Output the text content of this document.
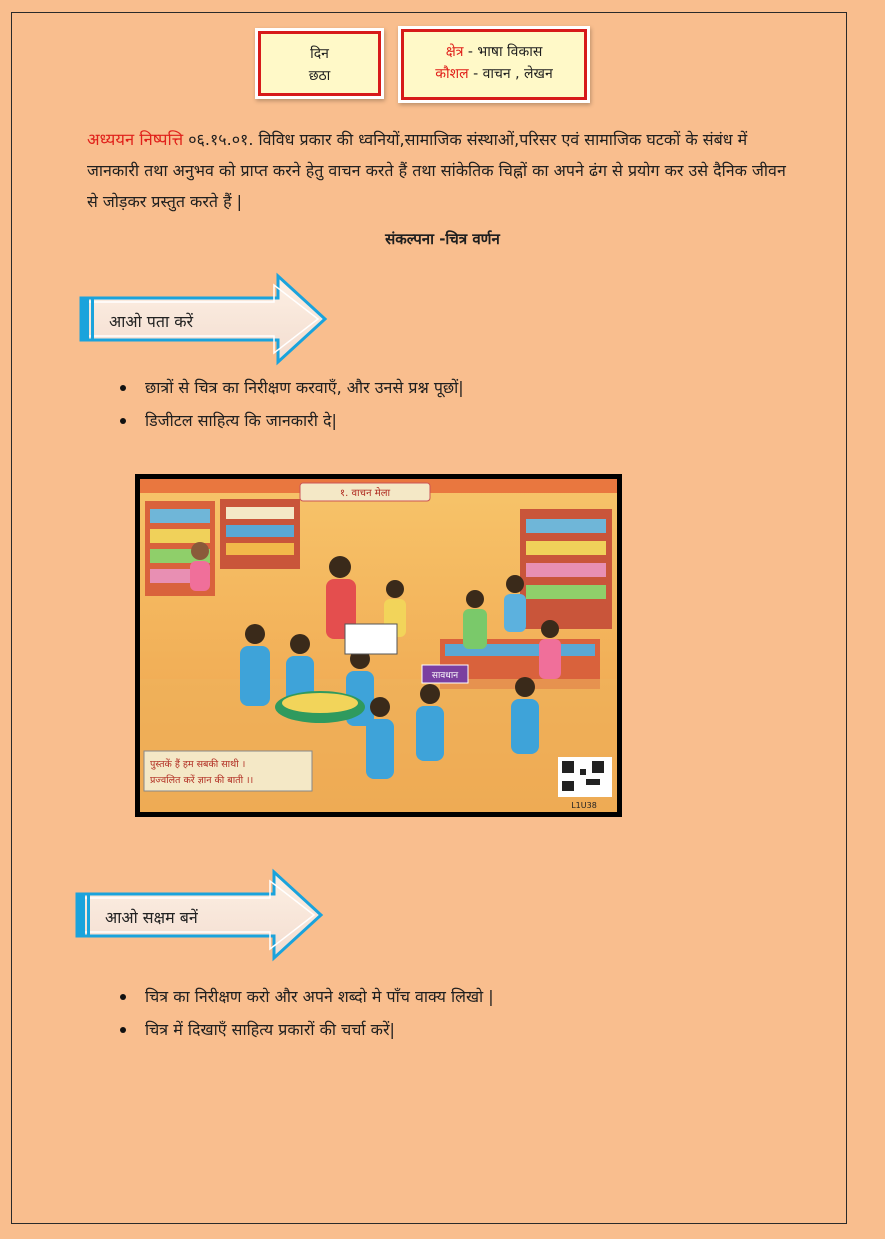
दिन
छठा
क्षेत्र - भाषा विकास
कौशल - वाचन , लेखन
अध्ययन निष्पत्ति ०६.१५.०१. विविध प्रकार की ध्वनियों,सामाजिक संस्थाओं,परिसर एवं सामाजिक घटकों के संबंध में जानकारी तथा अनुभव को प्राप्त करने हेतु वाचन करते हैं तथा सांकेतिक चिह्नों का अपने ढंग से प्रयोग कर उसे दैनिक जीवन से जोड़कर प्रस्तुत करते हैं |
संकल्पना -चित्र वर्णन
आओ पता करें
छात्रों से चित्र का निरीक्षण करवाएँ, और उनसे प्रश्न पूछों|
डिजीटल साहित्य कि जानकारी दे|
१. वाचन मेला
सावधान
पुस्तकें हैं हम सबकी साथी ।
प्रज्वलित करें ज्ञान की बाती ।।
L1U38
आओ सक्षम बनें
चित्र का निरीक्षण करो और अपने शब्दो मे पाँच वाक्य लिखो |
चित्र में दिखाएँ साहित्य प्रकारों की चर्चा करें|
